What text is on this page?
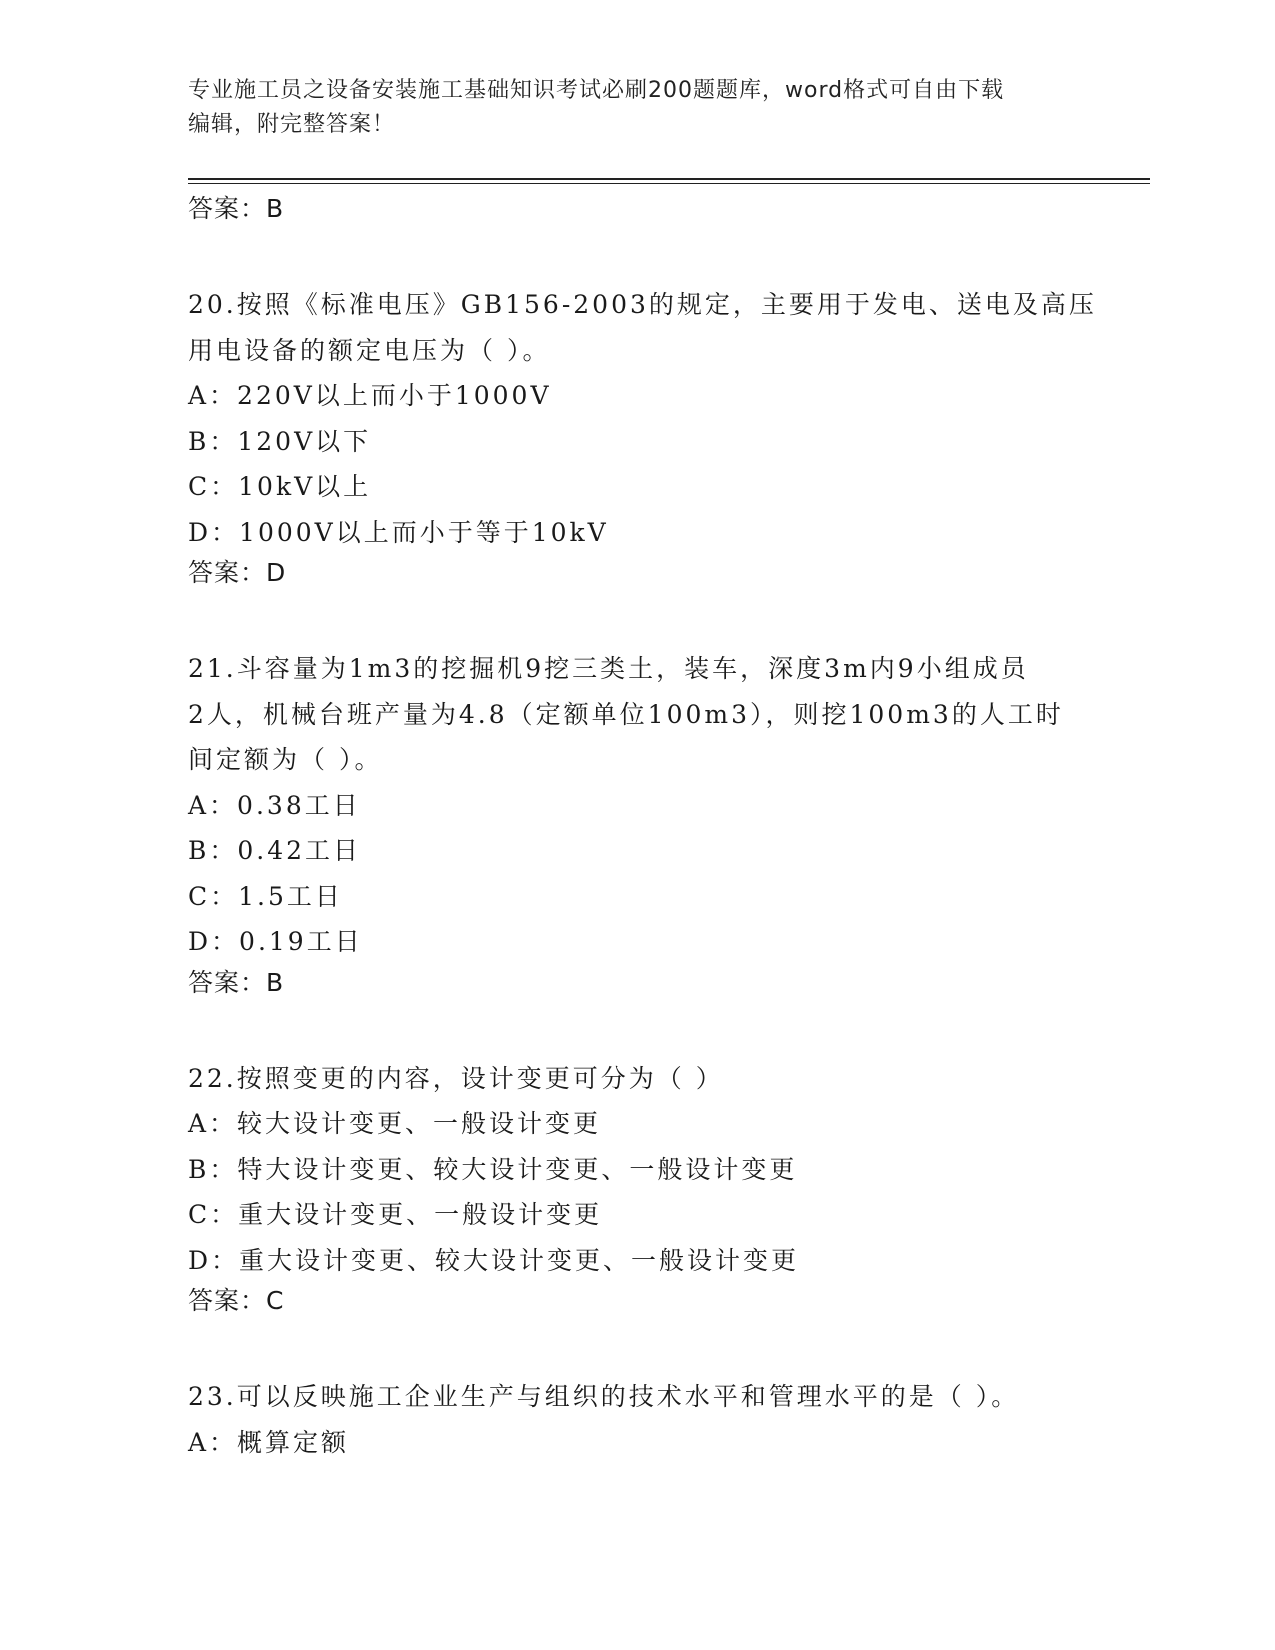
专业施工员之设备安装施工基础知识考试必刷200题题库，word格式可自由下载
编辑，附完整答案！
答案：B
20.按照《标准电压》GB156-2003的规定，主要用于发电、送电及高压
用电设备的额定电压为（ ）。
A：220V以上而小于1000V
B：120V以下
C：10kV以上
D：1000V以上而小于等于10kV
答案：D
21.斗容量为1m3的挖掘机9挖三类土，装车，深度3m内9小组成员
2人，机械台班产量为4.8（定额单位100m3），则挖100m3的人工时
间定额为（ ）。
A：0.38工日
B：0.42工日
C：1.5工日
D：0.19工日
答案：B
22.按照变更的内容，设计变更可分为（ ）
A：较大设计变更、一般设计变更
B：特大设计变更、较大设计变更、一般设计变更
C：重大设计变更、一般设计变更
D：重大设计变更、较大设计变更、一般设计变更
答案：C
23.可以反映施工企业生产与组织的技术水平和管理水平的是（ ）。
A：概算定额
